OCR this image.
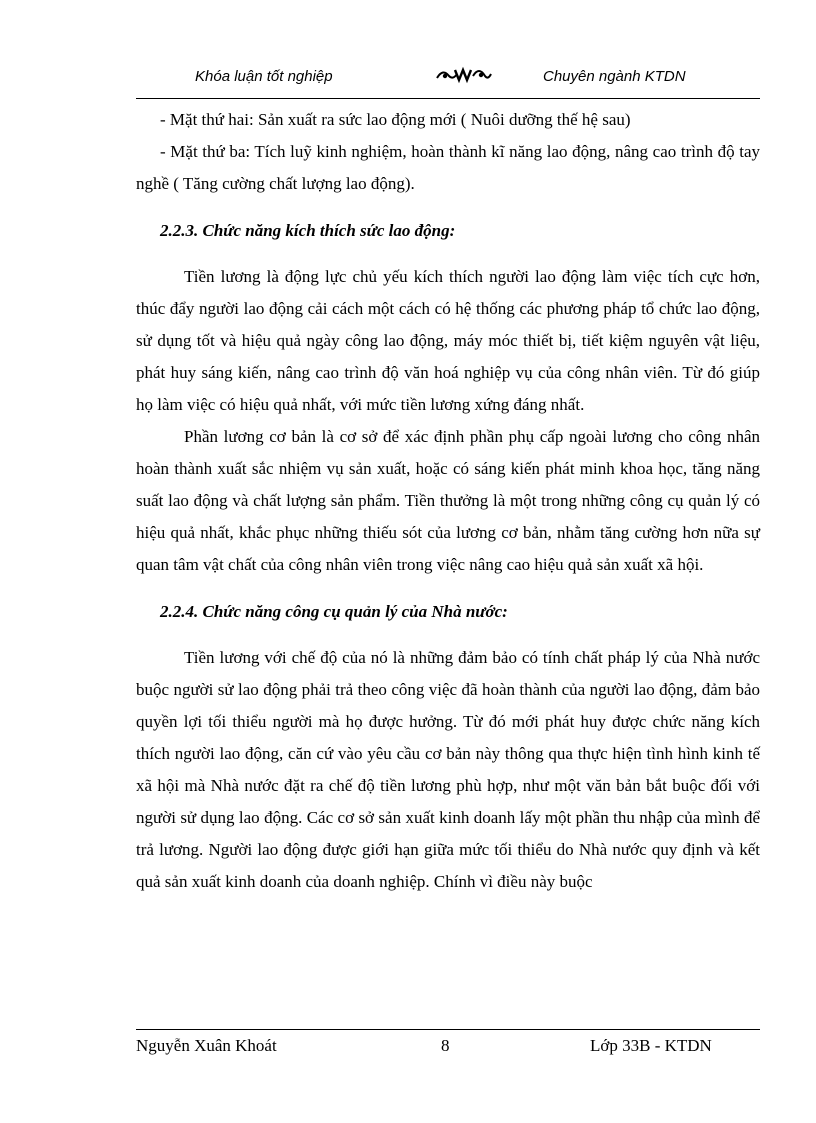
Khóa luận tốt nghiệp	Chuyên ngành KTDN

- Mặt thứ hai: Sản xuất ra sức lao động mới ( Nuôi dưỡng thế hệ sau)

- Mặt thứ ba: Tích luỹ kinh nghiệm, hoàn thành kĩ năng lao động, nâng cao trình độ tay nghề ( Tăng cường chất lượng lao động).

2.2.3. Chức năng kích thích sức lao động:

Tiền lương là động lực chủ yếu kích thích người lao động làm việc tích cực hơn, thúc đẩy người lao động cải cách một cách có hệ thống các phương pháp tổ chức lao động, sử dụng tốt và hiệu quả ngày công lao động, máy móc thiết bị, tiết kiệm nguyên vật liệu, phát huy sáng kiến, nâng cao trình độ văn hoá nghiệp vụ của công nhân viên. Từ đó giúp họ làm việc có hiệu quả nhất, với mức tiền lương xứng đáng nhất.

Phần lương cơ bản là cơ sở để xác định phần phụ cấp ngoài lương cho công nhân hoàn thành xuất sắc nhiệm vụ sản xuất, hoặc có sáng kiến phát minh khoa học, tăng năng suất lao động và chất lượng sản phẩm. Tiền thưởng là một trong những công cụ quản lý có hiệu quả nhất, khắc phục những thiếu sót của lương cơ bản, nhằm tăng cường hơn nữa sự quan tâm vật chất của công nhân viên trong việc nâng cao hiệu quả sản xuất xã hội.

2.2.4. Chức năng công cụ quản lý của Nhà nước:

Tiền lương với chế độ của nó là những đảm bảo có tính chất pháp lý của Nhà nước buộc người sử lao động phải trả theo công việc đã hoàn thành của người lao động, đảm bảo quyền lợi tối thiểu người mà họ được hưởng. Từ đó mới phát huy được chức năng kích thích người lao động, căn cứ vào yêu cầu cơ bản này thông qua thực hiện tình hình kinh tế xã hội mà Nhà nước đặt ra chế độ tiền lương phù hợp, như một văn bản bắt buộc đối với người sử dụng lao động. Các cơ sở sản xuất kinh doanh lấy một phần thu nhập của mình để trả lương. Người lao động được giới hạn giữa mức tối thiểu do Nhà nước quy định và kết quả sản xuất kinh doanh của doanh nghiệp. Chính vì điều này buộc

Nguyễn Xuân Khoát	8	Lớp 33B - KTDN
